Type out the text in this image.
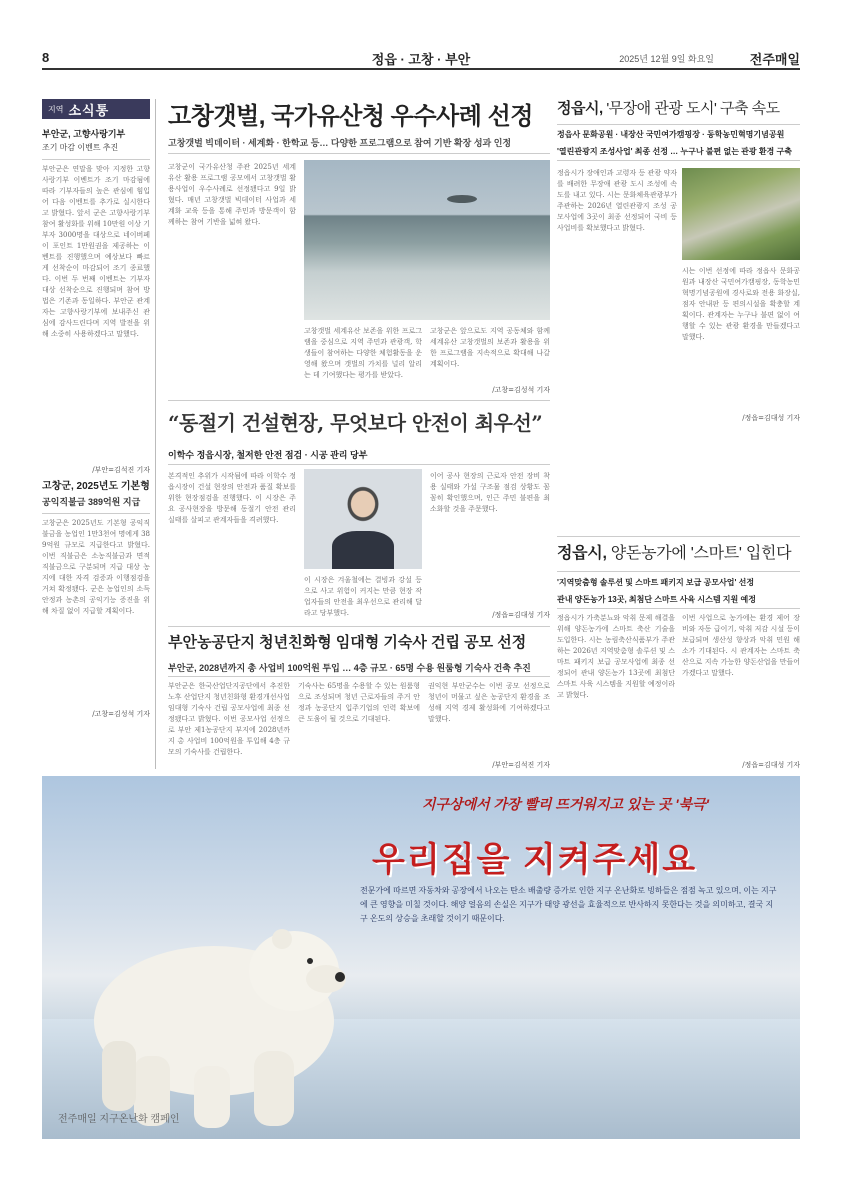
8	정읍 · 고창 · 부안	2025년 12월 9일 화요일	전주매일
지역 소식통
부안군, 고향사랑기부
조기 마감 이벤트 추진
부안군은 연말을 맞아 지정한 고향사랑기부 이벤트가 조기 마감됨에 따라 기부자들의 높은 관심에 힘입어 다음 이벤트를 추가로 실시한다고 밝혔다. 앞서 군은 고향사랑기부 참여 활성화를 위해 10만원 이상 기부자 3000명을 대상으로 네이버페이 포인트 1만원권을 제공하는 이벤트를 진행했으며 예상보다 빠르게 선착순이 마감되어 조기 종료했다. 이번 두 번째 이벤트는 기부자 대상 선착순으로 진행되며 참여 방법은 기존과 동일하다. 부안군 관계자는 고향사랑기부에 보내주신 관심에 감사드린다며 지역 발전을 위해 소중히 사용하겠다고 말했다.
/부안=김석진 기자
고창군, 2025년도 기본형
공익직불금 389억원 지급
고창군은 2025년도 기본형 공익직불금을 농업인 1만3천여 명에게 389억원 규모로 지급한다고 밝혔다. 이번 직불금은 소농직불금과 면적직불금으로 구분되며 지급 대상 농지에 대한 자격 검증과 이행점검을 거쳐 확정됐다. 군은 농업인의 소득 안정과 농촌의 공익기능 증진을 위해 차질 없이 지급할 계획이다.
/고창=김성석 기자
고창갯벌, 국가유산청 우수사례 선정
고창갯벌 빅데이터 · 세계화 · 한학교 등… 다양한 프로그램으로 참여 기반 확장 성과 인정
고창군이 국가유산청 주관 2025년 세계유산 활용 프로그램 공모에서 고창갯벌 활용사업이 우수사례로 선정됐다고 9일 밝혔다. 매년 고창갯벌 빅데이터 사업과 세계화 교육 등을 통해 주민과 방문객이 함께하는 참여 기반을 넓혀 왔다.
고창갯벌 세계유산 보존을 위한 프로그램을 중심으로 지역 주민과 관광객, 학생들이 참여하는 다양한 체험활동을 운영해 왔으며 갯벌의 가치를 널리 알리는 데 기여했다는 평가를 받았다.
고창군은 앞으로도 지역 공동체와 함께 세계유산 고창갯벌의 보존과 활용을 위한 프로그램을 지속적으로 확대해 나갈 계획이다.
/고창=김성석 기자
정읍시, '무장애 관광 도시' 구축 속도
정읍사 문화공원 · 내장산 국민여가캠핑장 · 동학농민혁명기념공원
'열린관광지 조성사업' 최종 선정 … 누구나 불편 없는 관광 환경 구축
정읍시가 장애인과 고령자 등 관광 약자를 배려한 무장애 관광 도시 조성에 속도를 내고 있다. 시는 문화체육관광부가 주관하는 2026년 열린관광지 조성 공모사업에 3곳이 최종 선정되어 국비 등 사업비를 확보했다고 밝혔다.
시는 이번 선정에 따라 정읍사 문화공원과 내장산 국민여가캠핑장, 동학농민혁명기념공원에 경사로와 전용 화장실, 점자 안내판 등 편의시설을 확충할 계획이다. 관계자는 누구나 불편 없이 여행할 수 있는 관광 환경을 만들겠다고 말했다.
/정읍=김대성 기자
“동절기 건설현장, 무엇보다 안전이 최우선”
이학수 정읍시장, 철저한 안전 점검 · 시공 관리 당부
본격적인 추위가 시작됨에 따라 이학수 정읍시장이 건설 현장의 안전과 품질 확보를 위한 현장점검을 진행했다. 이 시장은 주요 공사현장을 방문해 동절기 안전 관리 실태를 살피고 관계자들을 격려했다.
이 시장은 겨울철에는 결빙과 강설 등으로 사고 위험이 커지는 만큼 현장 작업자들의 안전을 최우선으로 관리해 달라고 당부했다.
이어 공사 현장의 근로자 안전 장비 착용 실태와 가설 구조물 점검 상황도 꼼꼼히 확인했으며, 인근 주민 불편을 최소화할 것을 주문했다.
/정읍=김대성 기자
부안농공단지 청년친화형 임대형 기숙사 건립 공모 선정
부안군, 2028년까지 총 사업비 100억원 투입 … 4층 규모 · 65명 수용 원룸형 기숙사 건축 추진
부안군은 한국산업단지공단에서 추진한 노후 산업단지 청년친화형 환경개선사업 임대형 기숙사 건립 공모사업에 최종 선정됐다고 밝혔다. 이번 공모사업 선정으로 부안 제1농공단지 부지에 2028년까지 총 사업비 100억원을 투입해 4층 규모의 기숙사를 건립한다.
기숙사는 65명을 수용할 수 있는 원룸형으로 조성되며 청년 근로자들의 주거 안정과 농공단지 입주기업의 인력 확보에 큰 도움이 될 것으로 기대된다.
권익현 부안군수는 이번 공모 선정으로 청년이 머물고 싶은 농공단지 환경을 조성해 지역 경제 활성화에 기여하겠다고 말했다.
/부안=김석진 기자
정읍시, 양돈농가에 '스마트' 입힌다
'지역맞춤형 솔루션 및 스마트 패키지 보급 공모사업' 선정
관내 양돈농가 13곳, 최첨단 스마트 사육 시스템 지원 예정
정읍시가 가축분뇨와 악취 문제 해결을 위해 양돈농가에 스마트 축산 기술을 도입한다. 시는 농림축산식품부가 주관하는 2026년 지역맞춤형 솔루션 및 스마트 패키지 보급 공모사업에 최종 선정되어 관내 양돈농가 13곳에 최첨단 스마트 사육 시스템을 지원할 예정이라고 밝혔다.
이번 사업으로 농가에는 환경 제어 장비와 자동 급이기, 악취 저감 시설 등이 보급되며 생산성 향상과 악취 민원 해소가 기대된다. 시 관계자는 스마트 축산으로 지속 가능한 양돈산업을 만들어 가겠다고 말했다.
/정읍=김대성 기자
지구상에서 가장 빨리 뜨거워지고 있는 곳 '북극'
우리집을 지켜주세요
전문가에 따르면 자동차와 공장에서 나오는 탄소 배출량 증가로 인한 지구 온난화로 빙하들은 점점 녹고 있으며, 이는 지구에 큰 영향을 미칠 것이다. 해양 얼음의 손실은 지구가 태양 광선을 효율적으로 반사하지 못한다는 것을 의미하고, 결국 지구 온도의 상승을 초래할 것이기 때문이다.
전주매일 지구온난화 캠페인
